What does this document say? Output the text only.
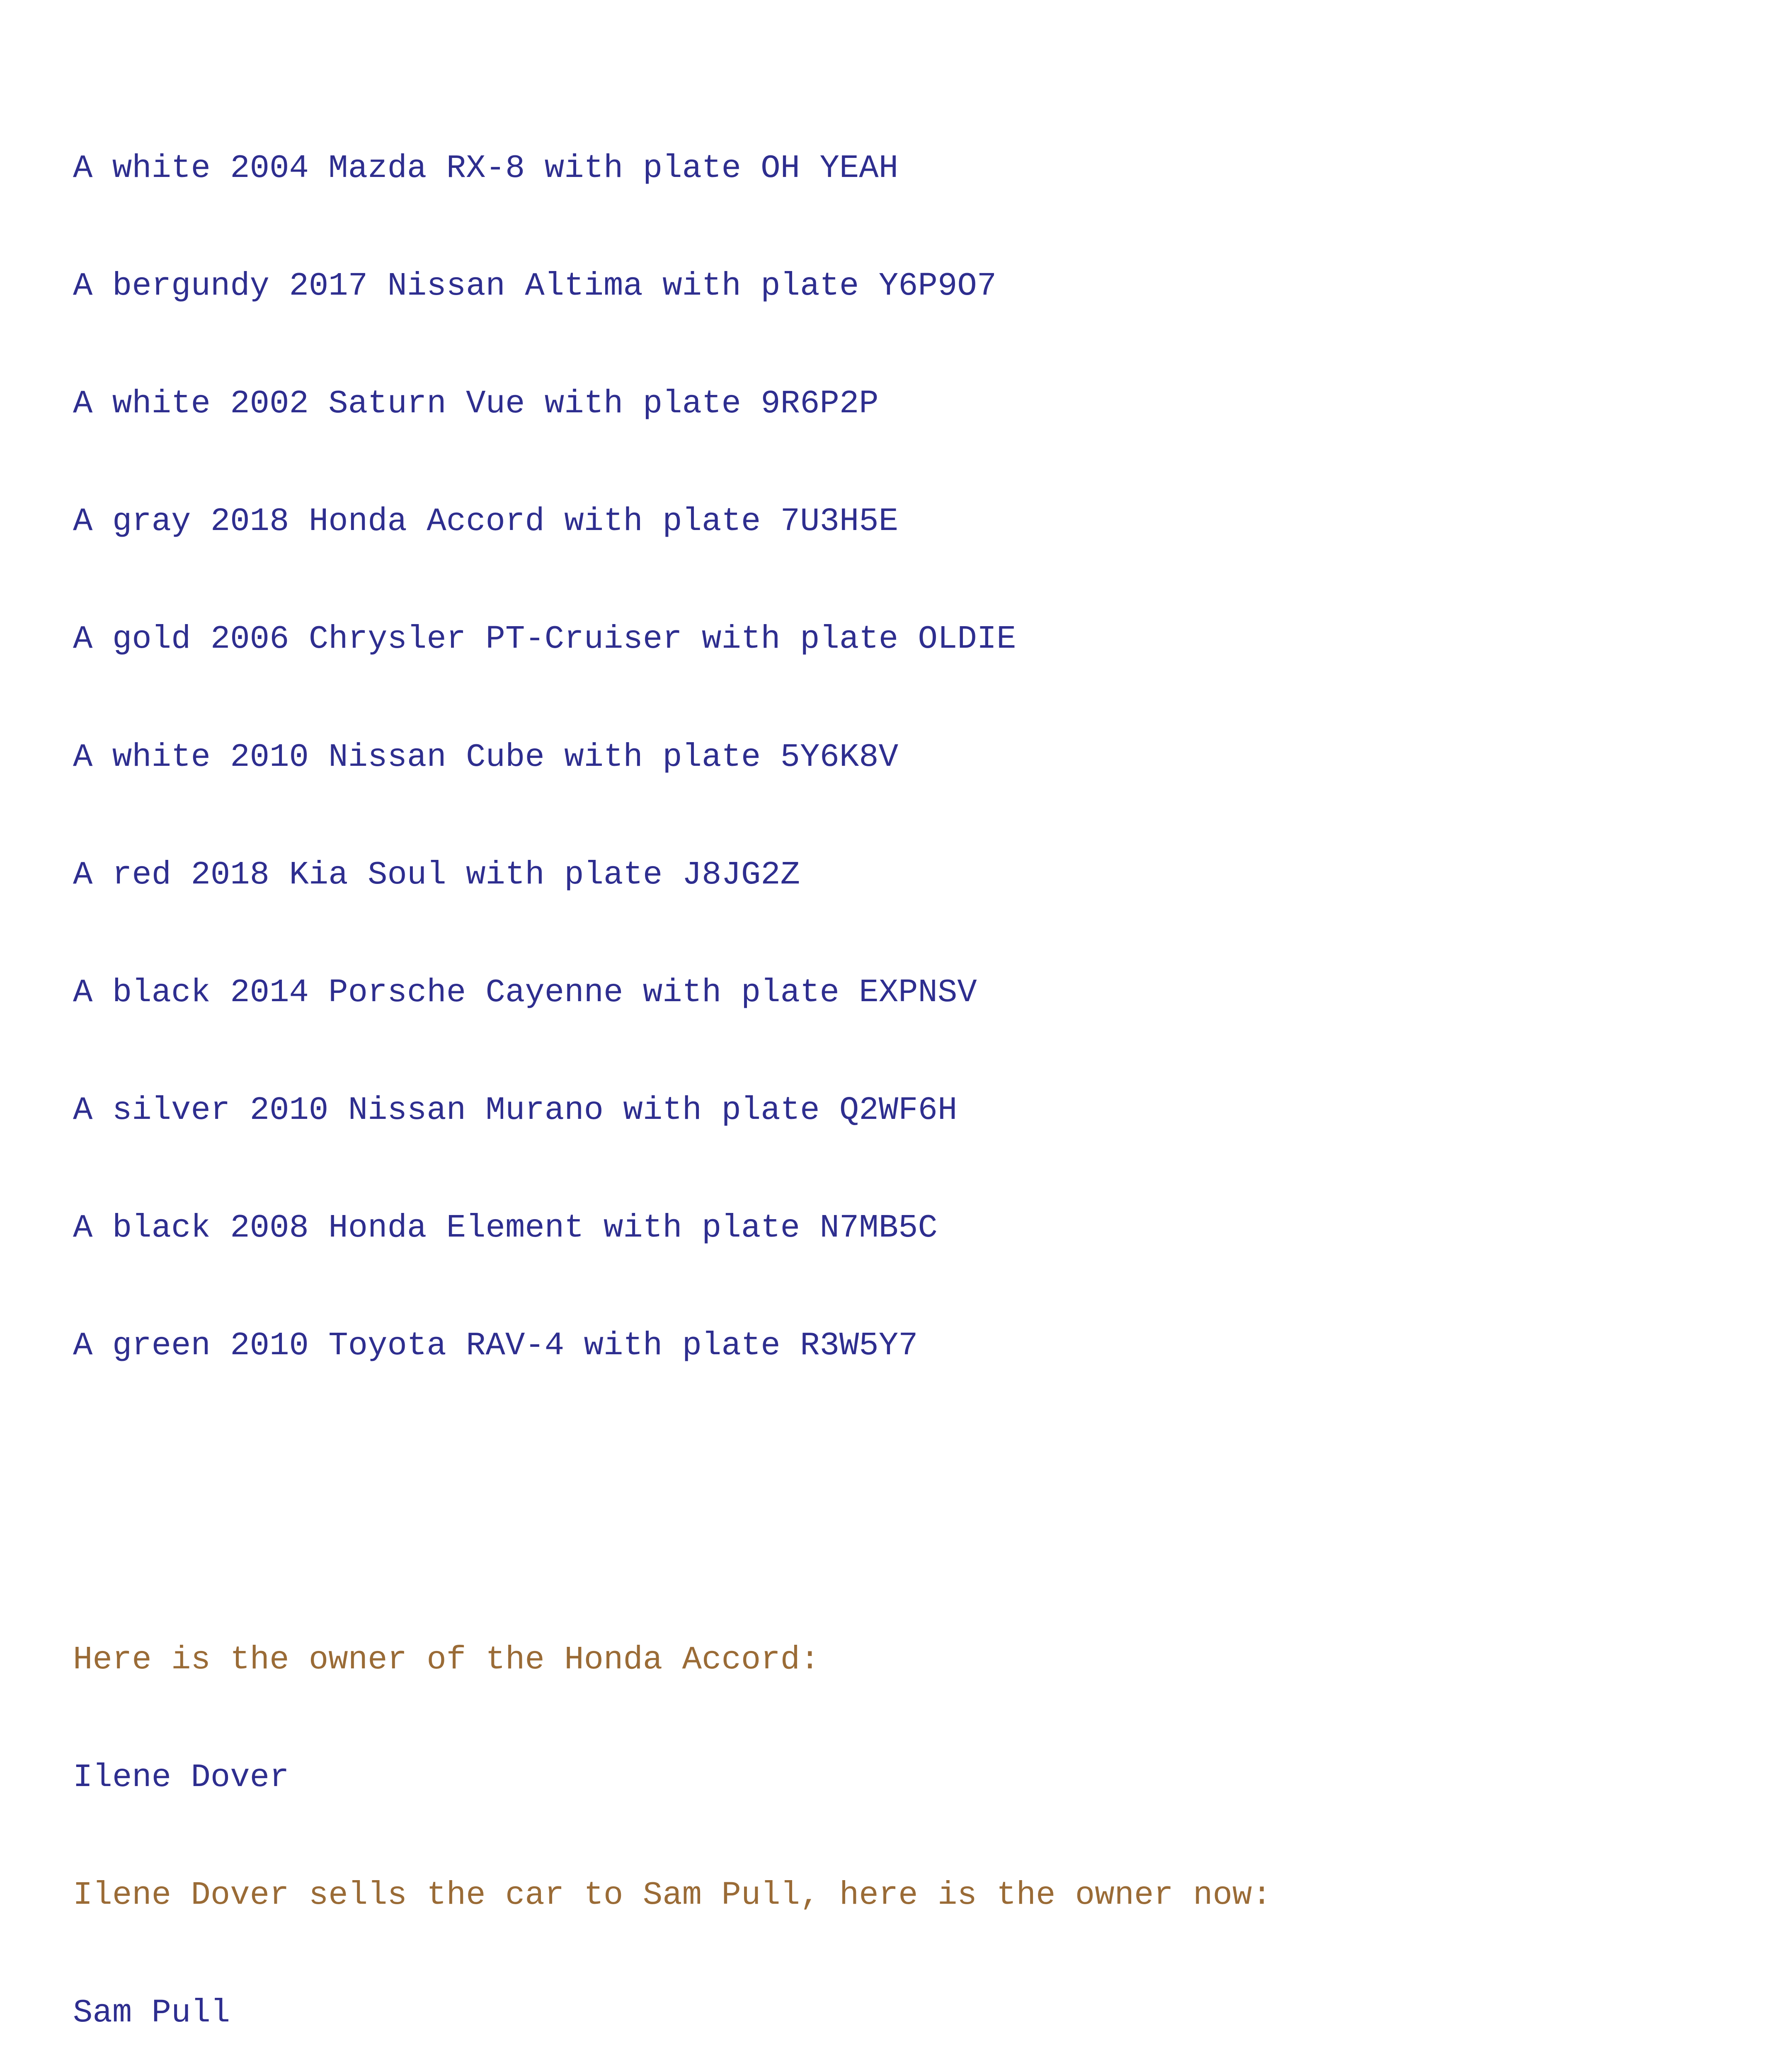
A white 2004 Mazda RX-8 with plate OH YEAH

A bergundy 2017 Nissan Altima with plate Y6P9O7

A white 2002 Saturn Vue with plate 9R6P2P

A gray 2018 Honda Accord with plate 7U3H5E

A gold 2006 Chrysler PT-Cruiser with plate OLDIE

A white 2010 Nissan Cube with plate 5Y6K8V

A red 2018 Kia Soul with plate J8JG2Z

A black 2014 Porsche Cayenne with plate EXPNSV

A silver 2010 Nissan Murano with plate Q2WF6H

A black 2008 Honda Element with plate N7MB5C

A green 2010 Toyota RAV-4 with plate R3W5Y7

Here is the owner of the Honda Accord:

Ilene Dover

Ilene Dover sells the car to Sam Pull, here is the owner now:

Sam Pull
